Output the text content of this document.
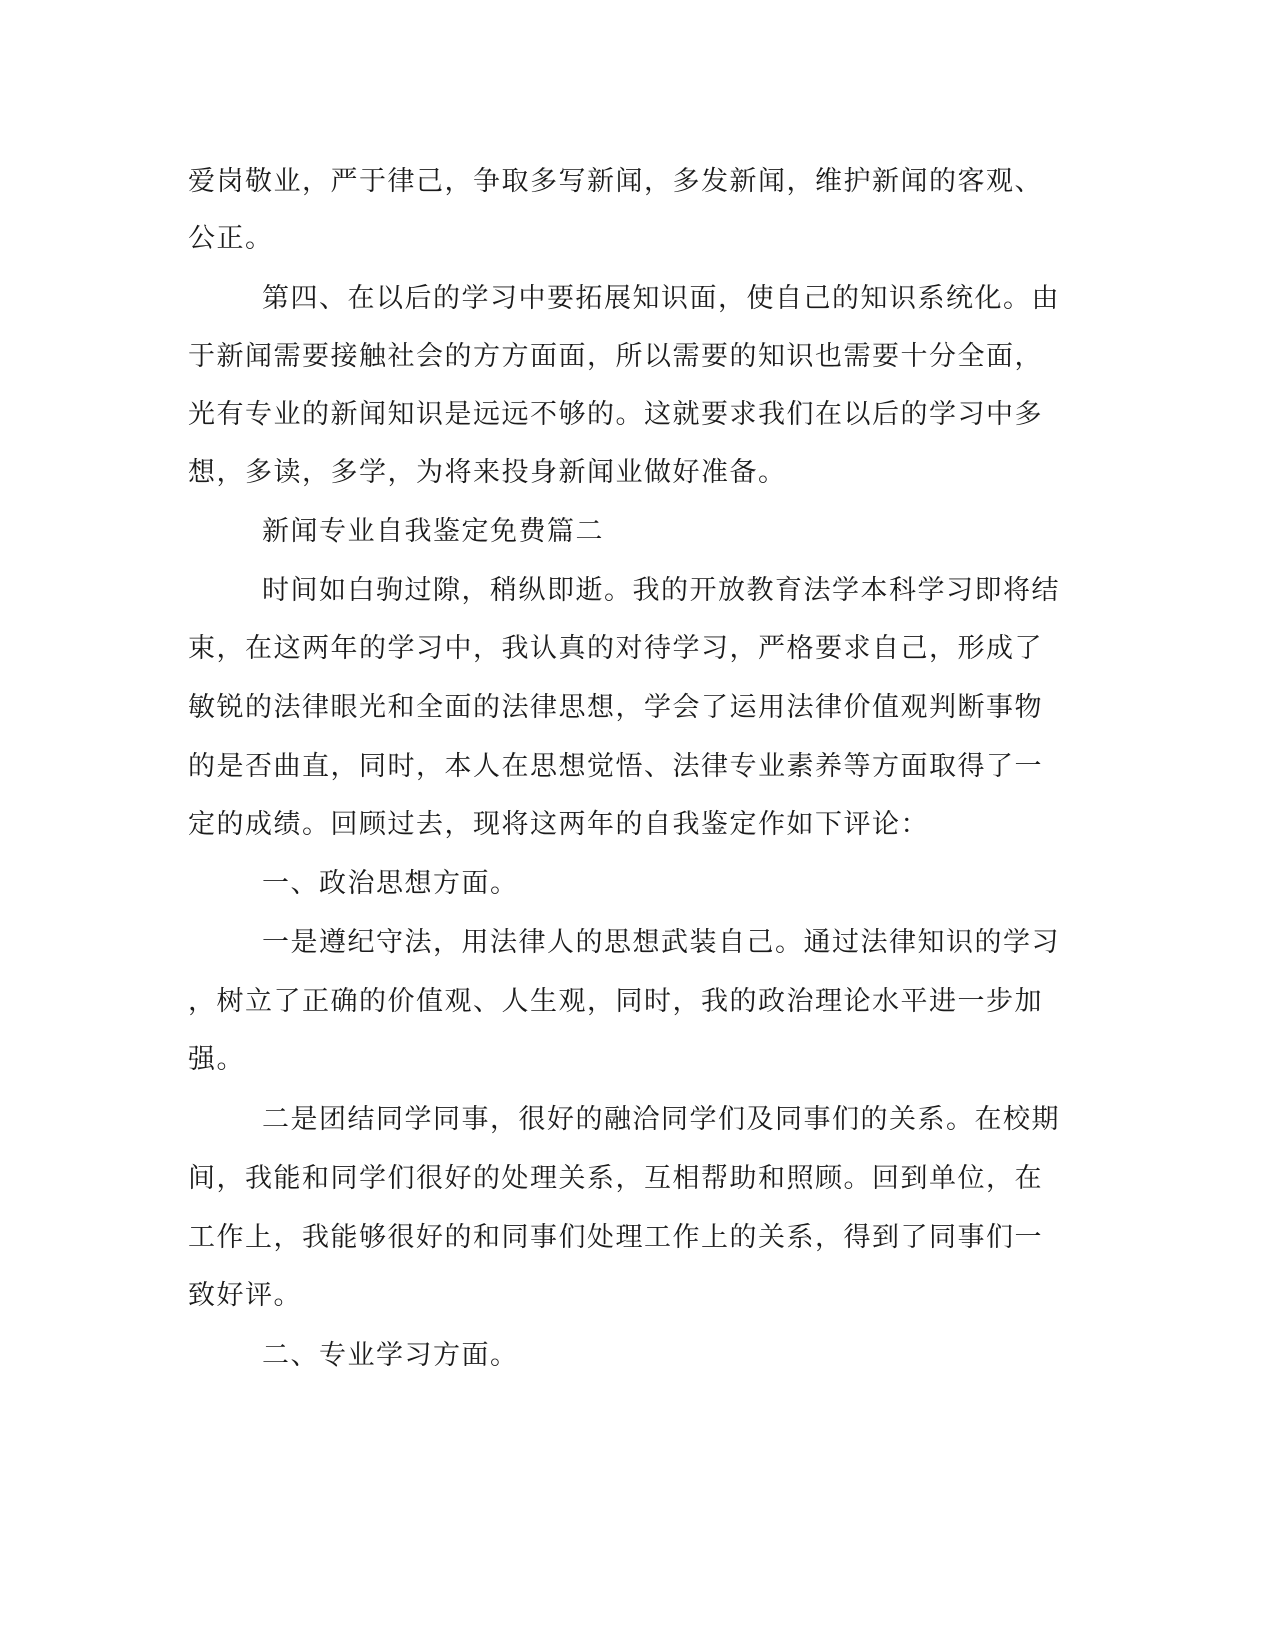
爱岗敬业，严于律己，争取多写新闻，多发新闻，维护新闻的客观、
公正。
第四、在以后的学习中要拓展知识面，使自己的知识系统化。由
于新闻需要接触社会的方方面面，所以需要的知识也需要十分全面，
光有专业的新闻知识是远远不够的。这就要求我们在以后的学习中多
想，多读，多学，为将来投身新闻业做好准备。
新闻专业自我鉴定免费篇二
时间如白驹过隙，稍纵即逝。我的开放教育法学本科学习即将结
束，在这两年的学习中，我认真的对待学习，严格要求自己，形成了
敏锐的法律眼光和全面的法律思想，学会了运用法律价值观判断事物
的是否曲直，同时，本人在思想觉悟、法律专业素养等方面取得了一
定的成绩。回顾过去，现将这两年的自我鉴定作如下评论：
一、政治思想方面。
一是遵纪守法，用法律人的思想武装自己。通过法律知识的学习
，树立了正确的价值观、人生观，同时，我的政治理论水平进一步加
强。
二是团结同学同事，很好的融洽同学们及同事们的关系。在校期
间，我能和同学们很好的处理关系，互相帮助和照顾。回到单位，在
工作上，我能够很好的和同事们处理工作上的关系，得到了同事们一
致好评。
二、专业学习方面。
